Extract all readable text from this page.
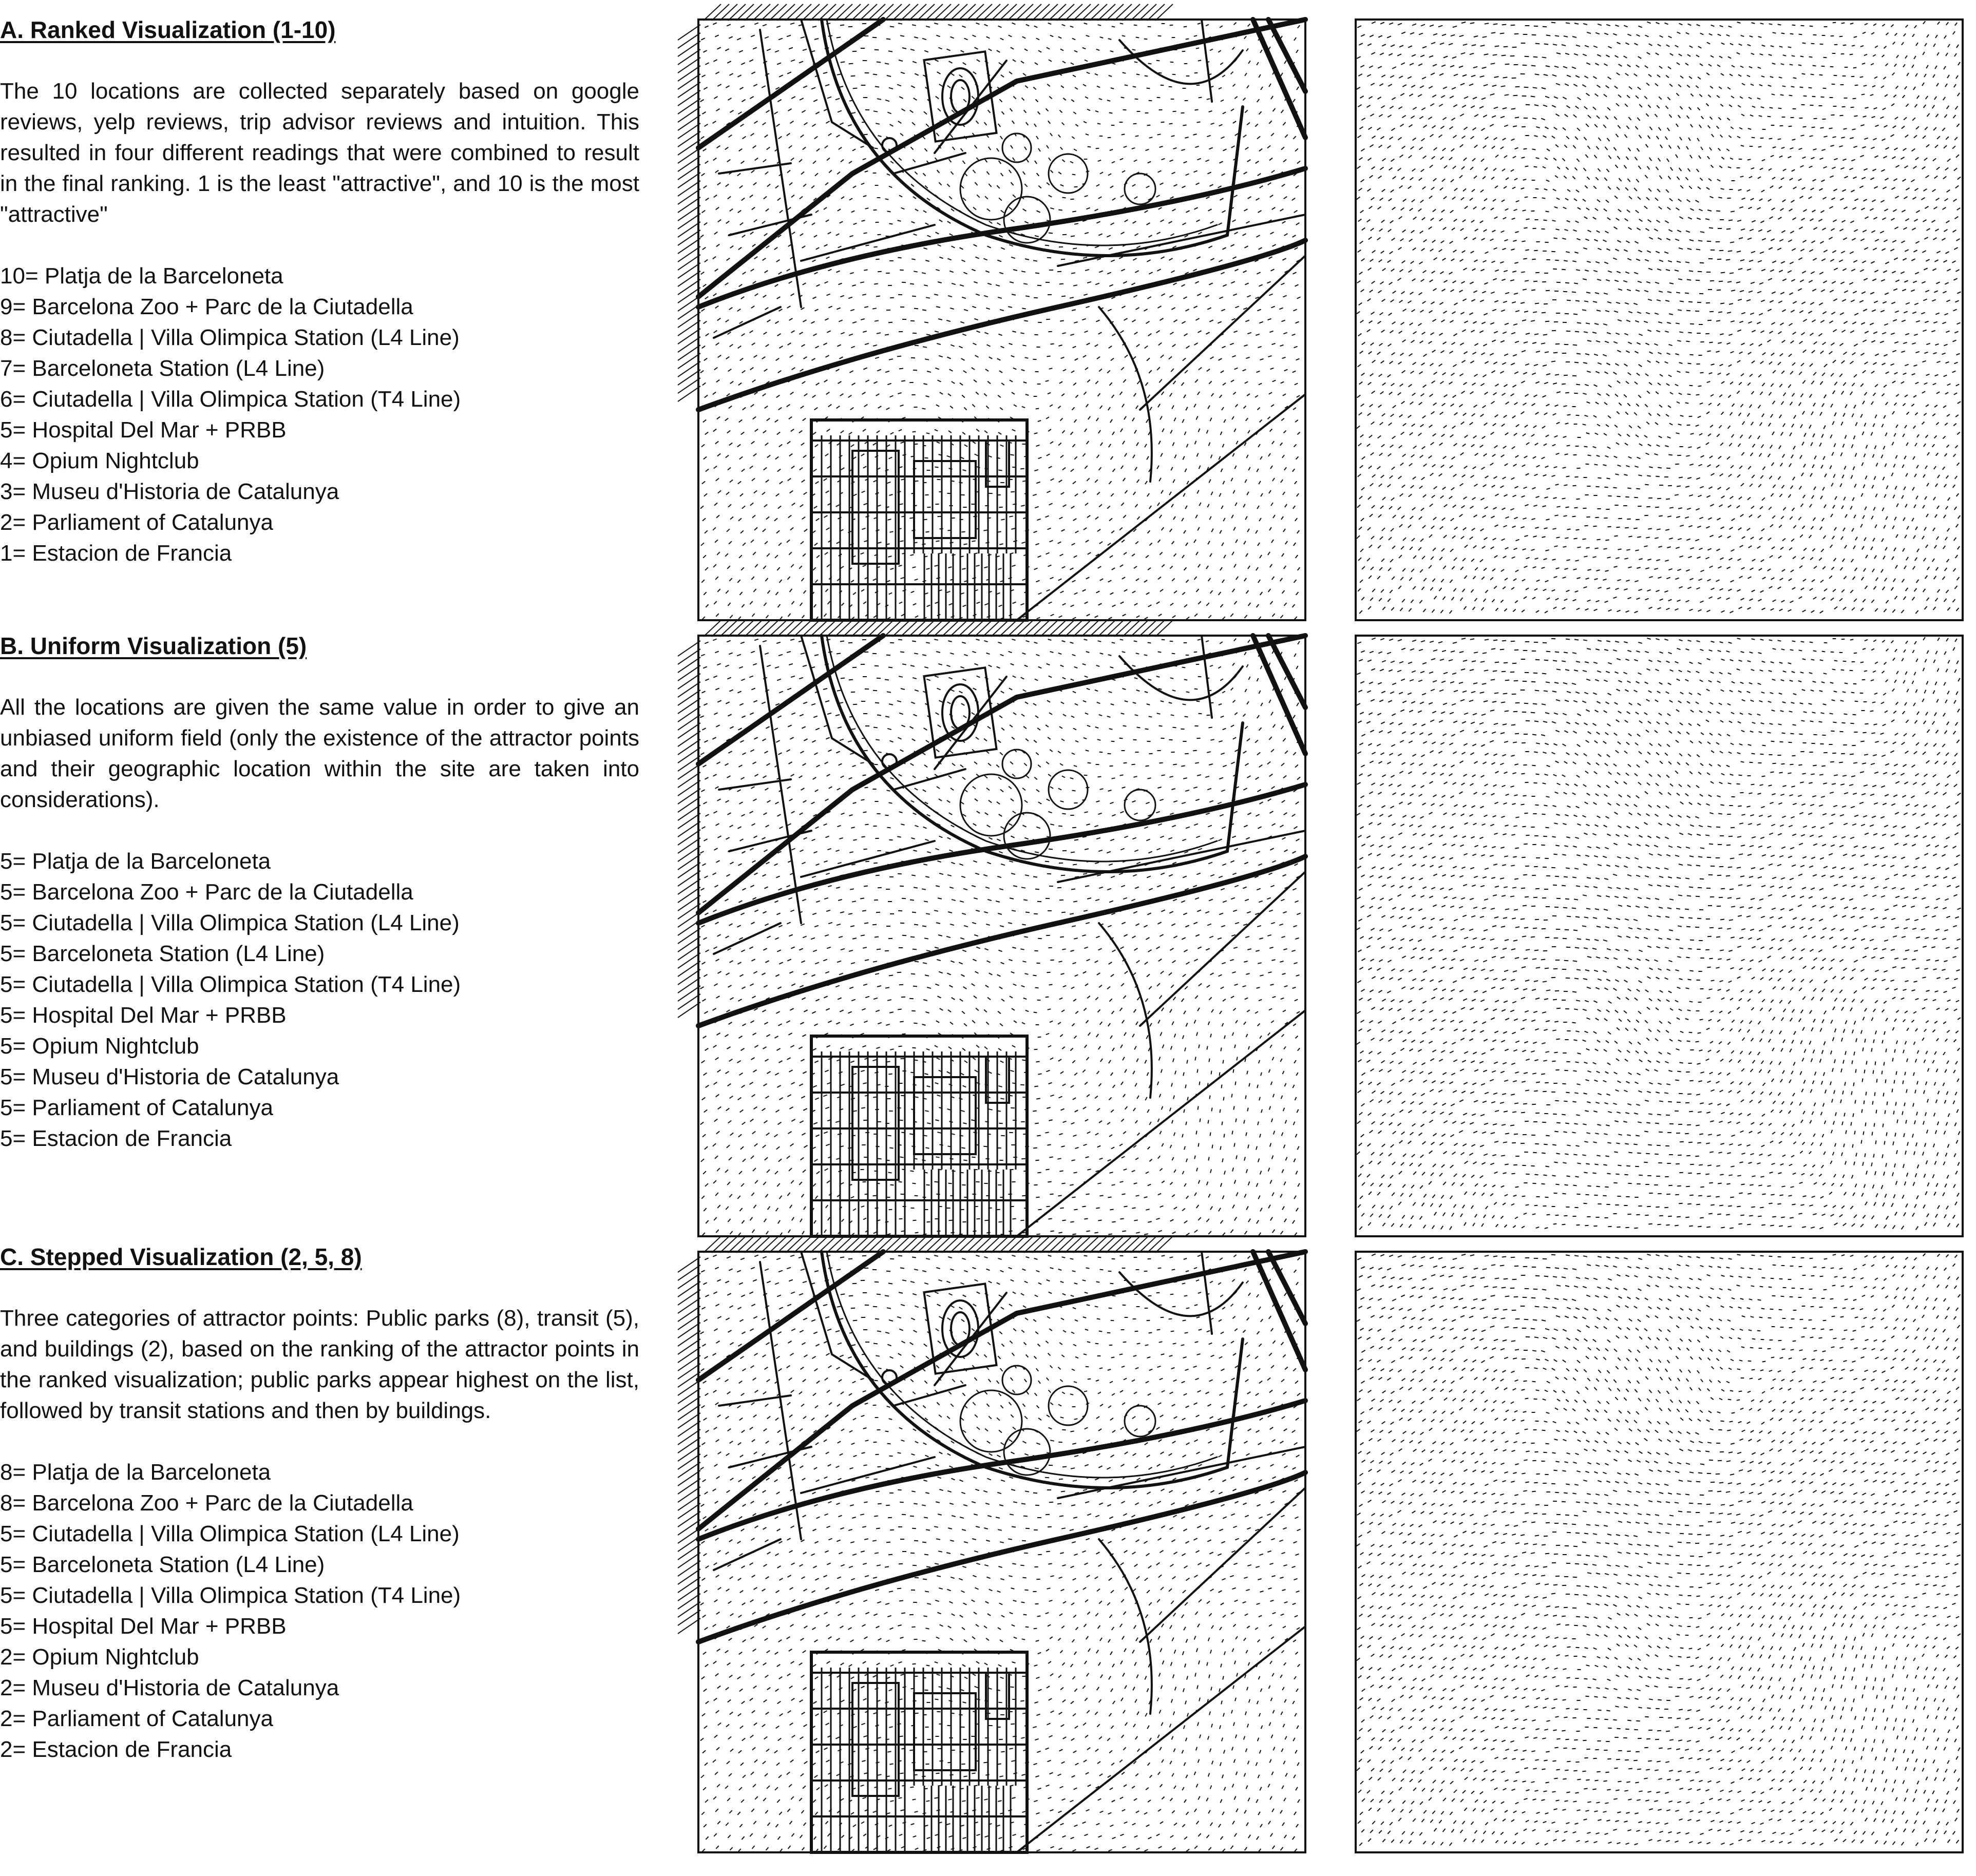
A. Ranked Visualization (1-10)

The 10 locations are collected separately based on google reviews, yelp reviews, trip advisor reviews and intuition. This resulted in four different readings that were combined to result in the final ranking. 1 is the least "attractive", and 10 is the most "attractive"

10= Platja de la Barceloneta
9= Barcelona Zoo + Parc de la Ciutadella
8= Ciutadella | Villa Olimpica Station (L4 Line)
7= Barceloneta Station (L4 Line)
6= Ciutadella | Villa Olimpica Station (T4 Line)
5= Hospital Del Mar + PRBB
4= Opium Nightclub
3= Museu d'Historia de Catalunya
2= Parliament of Catalunya
1= Estacion de Francia
B. Uniform Visualization (5)

All the locations are given the same value in order to give an unbiased uniform field (only the existence of the attractor points and their geographic location within the site are taken into considerations).

5= Platja de la Barceloneta
5= Barcelona Zoo + Parc de la Ciutadella
5= Ciutadella | Villa Olimpica Station (L4 Line)
5= Barceloneta Station (L4 Line)
5= Ciutadella | Villa Olimpica Station (T4 Line)
5= Hospital Del Mar + PRBB
5= Opium Nightclub
5= Museu d'Historia de Catalunya
5= Parliament of Catalunya
5= Estacion de Francia
C. Stepped Visualization (2, 5, 8)

Three categories of attractor points: Public parks (8), transit (5), and buildings (2), based on the ranking of the attractor points in the ranked visualization; public parks appear highest on the list, followed by transit stations and then by buildings.

8= Platja de la Barceloneta
8= Barcelona Zoo + Parc de la Ciutadella
5= Ciutadella | Villa Olimpica Station (L4 Line)
5= Barceloneta Station (L4 Line)
5= Ciutadella | Villa Olimpica Station (T4 Line)
5= Hospital Del Mar + PRBB
2= Opium Nightclub
2= Museu d'Historia de Catalunya
2= Parliament of Catalunya
2= Estacion de Francia
